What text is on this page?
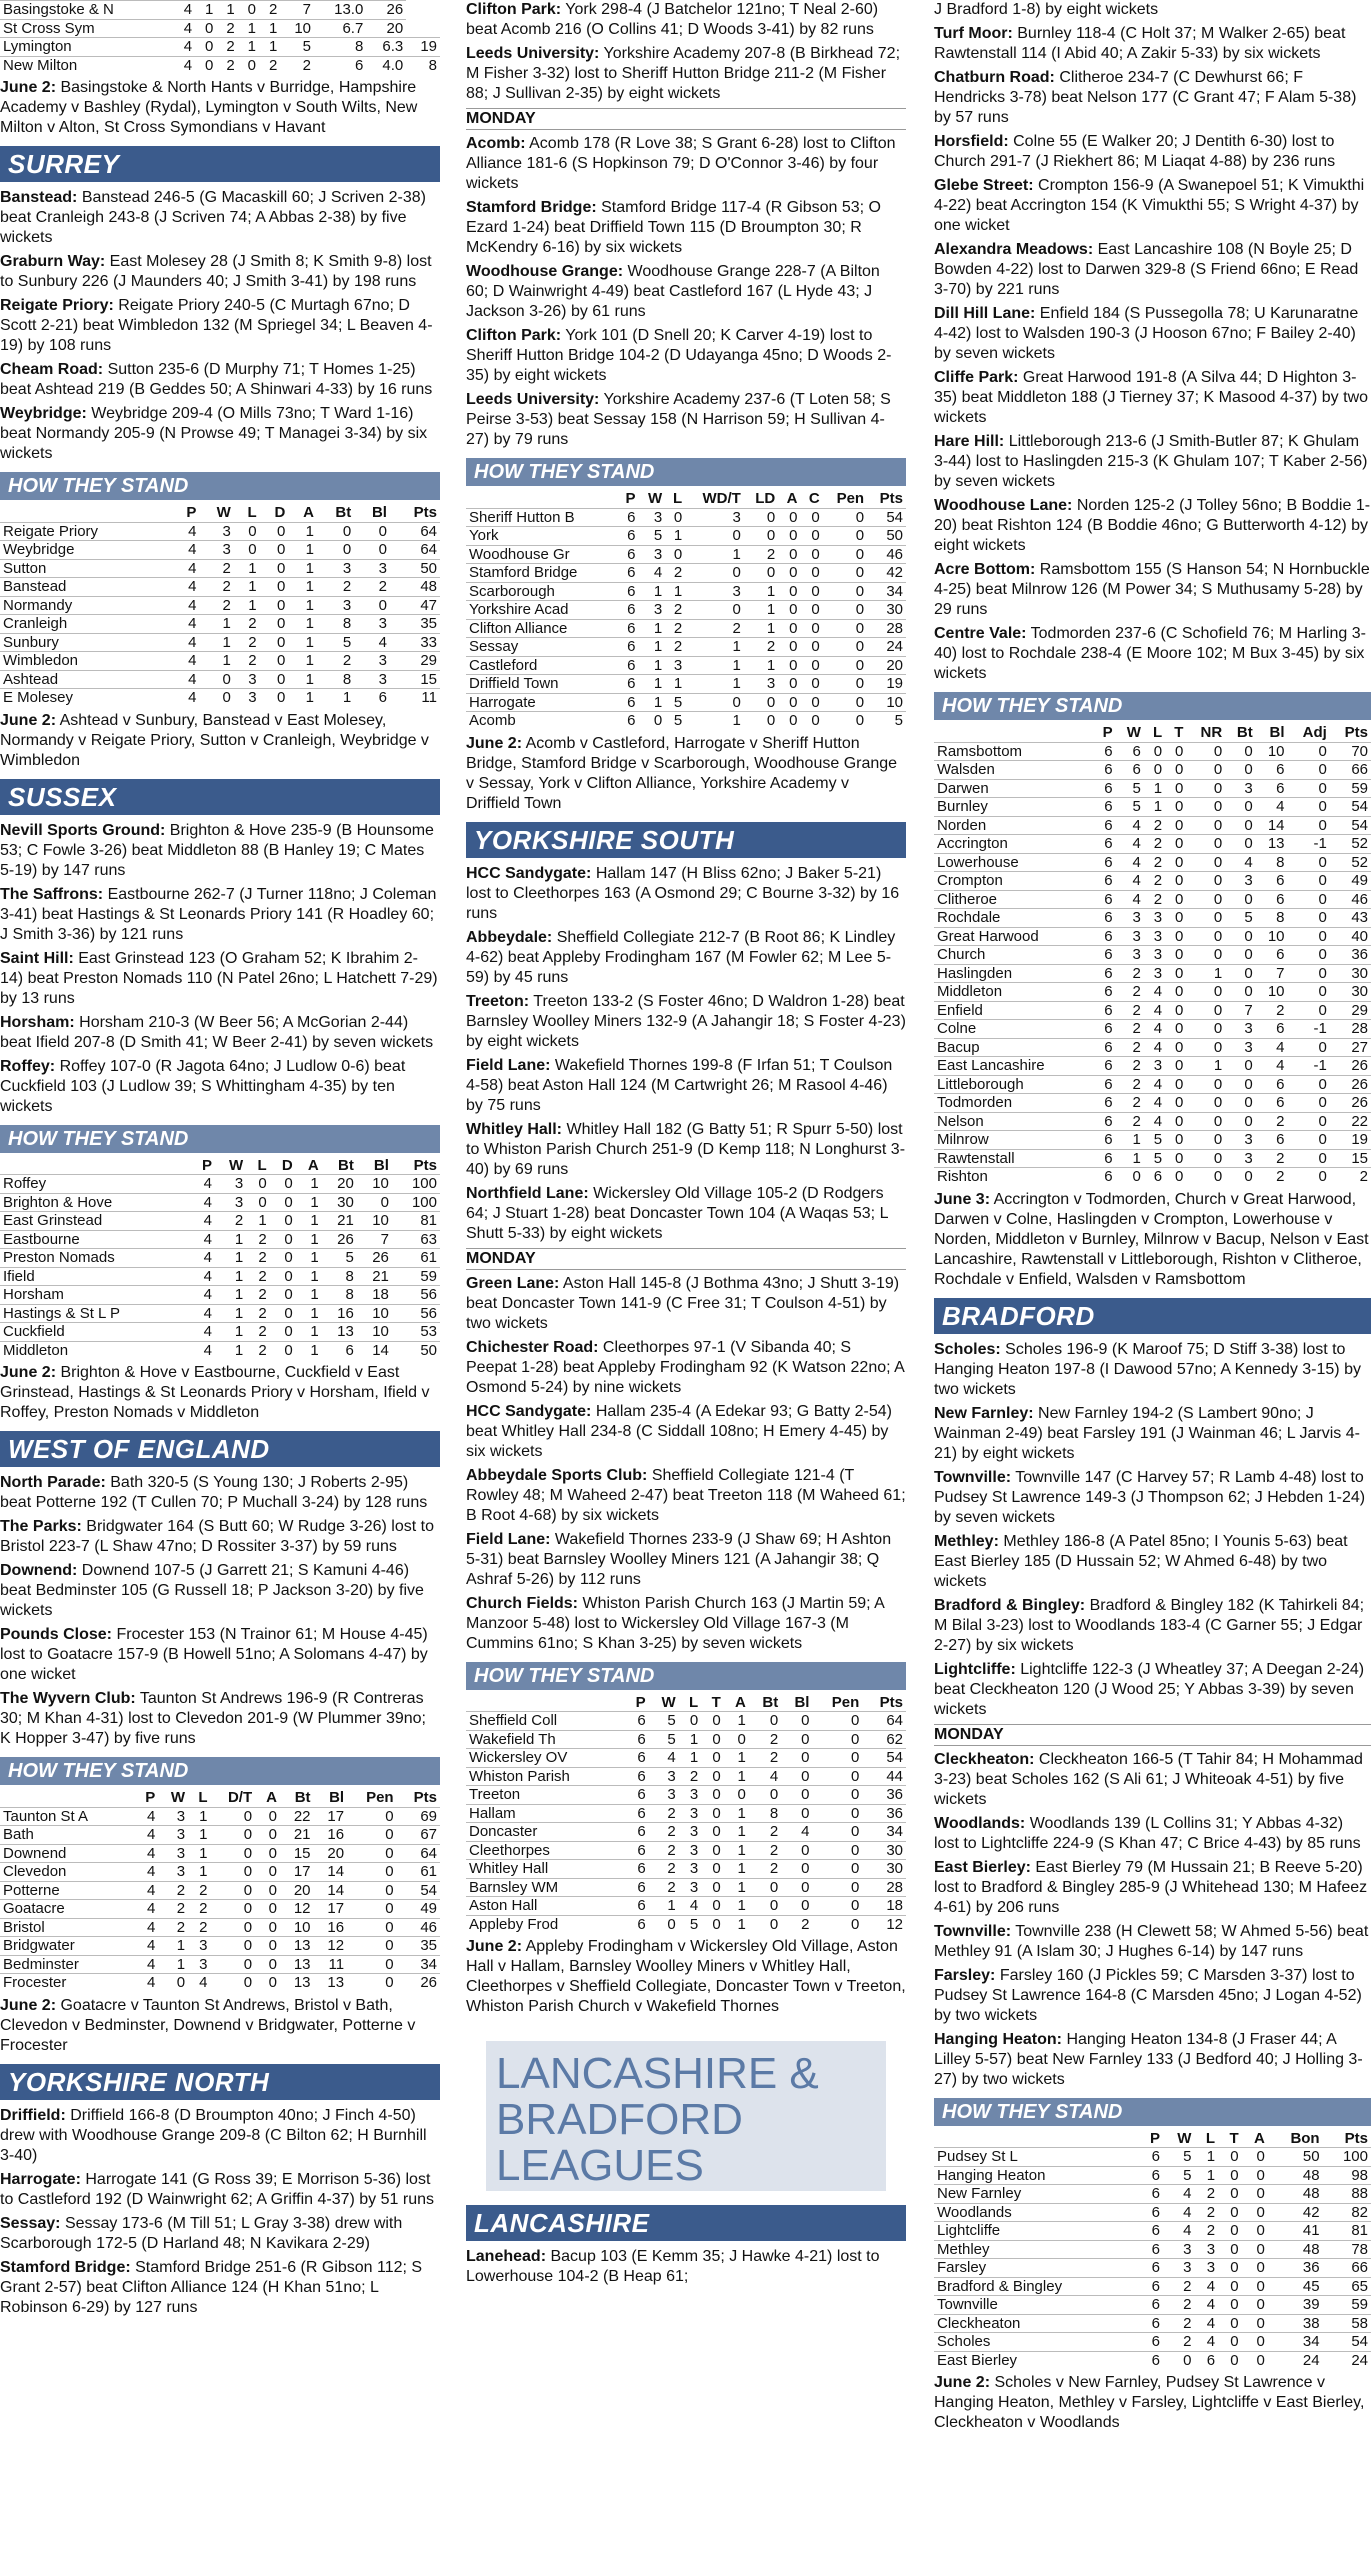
Basingstoke & N	4	1	1	0	2	7	13.0	26	
St Cross Sym	4	0	2	1	1	10	6.7	20	
Lymington	4	0	2	1	1	5	8	6.3	19
New Milton	4	0	2	0	2	2	6	4.0	8

June 2: Basingstoke & North Hants v Burridge, Hampshire Academy v Bashley (Rydal), Lymington v South Wilts, New Milton v Alton, St Cross Symondians v Havant

SURREY

Banstead: Banstead 246-5 (G Macaskill 60; J Scriven 2-38) beat Cranleigh 243-8 (J Scriven 74; A Abbas 2-38) by five wickets

Graburn Way: East Molesey 28 (J Smith 8; K Smith 9-8) lost to Sunbury 226 (J Maunders 40; J Smith 3-41) by 198 runs

Reigate Priory: Reigate Priory 240-5 (C Murtagh 67no; D Scott 2-21) beat Wimbledon 132 (M Spriegel 34; L Beaven 4-19) by 108 runs

Cheam Road: Sutton 235-6 (D Murphy 71; T Homes 1-25) beat Ashtead 219 (B Geddes 50; A Shinwari 4-33) by 16 runs

Weybridge: Weybridge 209-4 (O Mills 73no; T Ward 1-16) beat Normandy 205-9 (N Prowse 49; T Managei 3-34) by six wickets

HOW THEY STAND
	P	W	L	D	A	Bt	Bl	Pts
Reigate Priory	4	3	0	0	1	0	0	64
Weybridge	4	3	0	0	1	0	0	64
Sutton	4	2	1	0	1	3	3	50
Banstead	4	2	1	0	1	2	2	48
Normandy	4	2	1	0	1	3	0	47
Cranleigh	4	1	2	0	1	8	3	35
Sunbury	4	1	2	0	1	5	4	33
Wimbledon	4	1	2	0	1	2	3	29
Ashtead	4	0	3	0	1	8	3	15
E Molesey	4	0	3	0	1	1	6	11

June 2: Ashtead v Sunbury, Banstead v East Molesey, Normandy v Reigate Priory, Sutton v Cranleigh, Weybridge v Wimbledon

SUSSEX

Nevill Sports Ground: Brighton & Hove 235-9 (B Hounsome 53; C Fowle 3-26) beat Middleton 88 (B Hanley 19; C Mates 5-19) by 147 runs

The Saffrons: Eastbourne 262-7 (J Turner 118no; J Coleman 3-41) beat Hastings & St Leonards Priory 141 (R Hoadley 60; J Smith 3-36) by 121 runs

Saint Hill: East Grinstead 123 (O Graham 52; K Ibrahim 2-14) beat Preston Nomads 110 (N Patel 26no; L Hatchett 7-29) by 13 runs

Horsham: Horsham 210-3 (W Beer 56; A McGorian 2-44) beat Ifield 207-8 (D Smith 41; W Beer 2-41) by seven wickets

Roffey: Roffey 107-0 (R Jagota 64no; J Ludlow 0-6) beat Cuckfield 103 (J Ludlow 39; S Whittingham 4-35) by ten wickets

HOW THEY STAND
	P	W	L	D	A	Bt	Bl	Pts
Roffey	4	3	0	0	1	20	10	100
Brighton & Hove	4	3	0	0	1	30	0	100
East Grinstead	4	2	1	0	1	21	10	81
Eastbourne	4	1	2	0	1	26	7	63
Preston Nomads	4	1	2	0	1	5	26	61
Ifield	4	1	2	0	1	8	21	59
Horsham	4	1	2	0	1	8	18	56
Hastings & St L P	4	1	2	0	1	16	10	56
Cuckfield	4	1	2	0	1	13	10	53
Middleton	4	1	2	0	1	6	14	50

June 2: Brighton & Hove v Eastbourne, Cuckfield v East Grinstead, Hastings & St Leonards Priory v Horsham, Ifield v Roffey, Preston Nomads v Middleton

WEST OF ENGLAND

North Parade: Bath 320-5 (S Young 130; J Roberts 2-95) beat Potterne 192 (T Cullen 70; P Muchall 3-24) by 128 runs

The Parks: Bridgwater 164 (S Butt 60; W Rudge 3-26) lost to Bristol 223-7 (L Shaw 47no; D Rossiter 3-37) by 59 runs

Downend: Downend 107-5 (J Garrett 21; S Kamuni 4-46) beat Bedminster 105 (G Russell 18; P Jackson 3-20) by five wickets

Pounds Close: Frocester 153 (N Trainor 61; M House 4-45) lost to Goatacre 157-9 (B Howell 51no; A Solomans 4-47) by one wicket

The Wyvern Club: Taunton St Andrews 196-9 (R Contreras 30; M Khan 4-31) lost to Clevedon 201-9 (W Plummer 39no; K Hopper 3-47) by five runs

HOW THEY STAND
	P	W	L	D/T	A	Bt	Bl	Pen	Pts
Taunton St A	4	3	1	0	0	22	17	0	69
Bath	4	3	1	0	0	21	16	0	67
Downend	4	3	1	0	0	15	20	0	64
Clevedon	4	3	1	0	0	17	14	0	61
Potterne	4	2	2	0	0	20	14	0	54
Goatacre	4	2	2	0	0	12	17	0	49
Bristol	4	2	2	0	0	10	16	0	46
Bridgwater	4	1	3	0	0	13	12	0	35
Bedminster	4	1	3	0	0	13	11	0	34
Frocester	4	0	4	0	0	13	13	0	26

June 2: Goatacre v Taunton St Andrews, Bristol v Bath, Clevedon v Bedminster, Downend v Bridgwater, Potterne v Frocester

YORKSHIRE NORTH

Driffield: Driffield 166-8 (D Broumpton 40no; J Finch 4-50) drew with Woodhouse Grange 209-8 (C Bilton 62; H Burnhill 3-40)

Harrogate: Harrogate 141 (G Ross 39; E Morrison 5-36) lost to Castleford 192 (D Wainwright 62; A Griffin 4-37) by 51 runs

Sessay: Sessay 173-6 (M Till 51; L Gray 3-38) drew with Scarborough 172-5 (D Harland 48; N Kavikara 2-29)

Stamford Bridge: Stamford Bridge 251-6 (R Gibson 112; S Grant 2-57) beat Clifton Alliance 124 (H Khan 51no; L Robinson 6-29) by 127 runs

Clifton Park: York 298-4 (J Batchelor 121no; T Neal 2-60) beat Acomb 216 (O Collins 41; D Woods 3-41) by 82 runs

Leeds University: Yorkshire Academy 207-8 (B Birkhead 72; M Fisher 3-32) lost to Sheriff Hutton Bridge 211-2 (M Fisher 88; J Sullivan 2-35) by eight wickets

MONDAY

Acomb: Acomb 178 (R Love 38; S Grant 6-28) lost to Clifton Alliance 181-6 (S Hopkinson 79; D O'Connor 3-46) by four wickets

Stamford Bridge: Stamford Bridge 117-4 (R Gibson 53; O Ezard 1-24) beat Driffield Town 115 (D Broumpton 30; R McKendry 6-16) by six wickets

Woodhouse Grange: Woodhouse Grange 228-7 (A Bilton 60; D Wainwright 4-49) beat Castleford 167 (L Hyde 43; J Jackson 3-26) by 61 runs

Clifton Park: York 101 (D Snell 20; K Carver 4-19) lost to Sheriff Hutton Bridge 104-2 (D Udayanga 45no; D Woods 2-35) by eight wickets

Leeds University: Yorkshire Academy 237-6 (T Loten 58; S Peirse 3-53) beat Sessay 158 (N Harrison 59; H Sullivan 4-27) by 79 runs

HOW THEY STAND
	P	W	L	WD/T	LD	A	C	Pen	Pts
Sheriff Hutton B	6	3	0	3	0	0	0	0	54
York	6	5	1	0	0	0	0	0	50
Woodhouse Gr	6	3	0	1	2	0	0	0	46
Stamford Bridge	6	4	2	0	0	0	0	0	42
Scarborough	6	1	1	3	1	0	0	0	34
Yorkshire Acad	6	3	2	0	1	0	0	0	30
Clifton Alliance	6	1	2	2	1	0	0	0	28
Sessay	6	1	2	1	2	0	0	0	24
Castleford	6	1	3	1	1	0	0	0	20
Driffield Town	6	1	1	1	3	0	0	0	19
Harrogate	6	1	5	0	0	0	0	0	10
Acomb	6	0	5	1	0	0	0	0	5

June 2: Acomb v Castleford, Harrogate v Sheriff Hutton Bridge, Stamford Bridge v Scarborough, Woodhouse Grange v Sessay, York v Clifton Alliance, Yorkshire Academy v Driffield Town

YORKSHIRE SOUTH

HCC Sandygate: Hallam 147 (H Bliss 62no; J Baker 5-21) lost to Cleethorpes 163 (A Osmond 29; C Bourne 3-32) by 16 runs

Abbeydale: Sheffield Collegiate 212-7 (B Root 86; K Lindley 4-62) beat Appleby Frodingham 167 (M Fowler 62; M Lee 5-59) by 45 runs

Treeton: Treeton 133-2 (S Foster 46no; D Waldron 1-28) beat Barnsley Woolley Miners 132-9 (A Jahangir 18; S Foster 4-23) by eight wickets

Field Lane: Wakefield Thornes 199-8 (F Irfan 51; T Coulson 4-58) beat Aston Hall 124 (M Cartwright 26; M Rasool 4-46) by 75 runs

Whitley Hall: Whitley Hall 182 (G Batty 51; R Spurr 5-50) lost to Whiston Parish Church 251-9 (D Kemp 118; N Longhurst 3-40) by 69 runs

Northfield Lane: Wickersley Old Village 105-2 (D Rodgers 64; J Stuart 1-28) beat Doncaster Town 104 (A Waqas 53; L Shutt 5-33) by eight wickets

MONDAY

Green Lane: Aston Hall 145-8 (J Bothma 43no; J Shutt 3-19) beat Doncaster Town 141-9 (C Free 31; T Coulson 4-51) by two wickets

Chichester Road: Cleethorpes 97-1 (V Sibanda 40; S Peepat 1-28) beat Appleby Frodingham 92 (K Watson 22no; A Osmond 5-24) by nine wickets

HCC Sandygate: Hallam 235-4 (A Edekar 93; G Batty 2-54) beat Whitley Hall 234-8 (C Siddall 108no; H Emery 4-45) by six wickets

Abbeydale Sports Club: Sheffield Collegiate 121-4 (T Rowley 48; M Waheed 2-47) beat Treeton 118 (M Waheed 61; B Root 4-68) by six wickets

Field Lane: Wakefield Thornes 233-9 (J Shaw 69; H Ashton 5-31) beat Barnsley Woolley Miners 121 (A Jahangir 38; Q Ashraf 5-26) by 112 runs

Church Fields: Whiston Parish Church 163 (J Martin 59; A Manzoor 5-48) lost to Wickersley Old Village 167-3 (M Cummins 61no; S Khan 3-25) by seven wickets

HOW THEY STAND
	P	W	L	T	A	Bt	Bl	Pen	Pts
Sheffield Coll	6	5	0	0	1	0	0	0	64
Wakefield Th	6	5	1	0	0	2	0	0	62
Wickersley OV	6	4	1	0	1	2	0	0	54
Whiston Parish	6	3	2	0	1	4	0	0	44
Treeton	6	3	3	0	0	0	0	0	36
Hallam	6	2	3	0	1	8	0	0	36
Doncaster	6	2	3	0	1	2	4	0	34
Cleethorpes	6	2	3	0	1	2	0	0	30
Whitley Hall	6	2	3	0	1	2	0	0	30
Barnsley WM	6	2	3	0	1	0	0	0	28
Aston Hall	6	1	4	0	1	0	0	0	18
Appleby Frod	6	0	5	0	1	0	2	0	12

June 2: Appleby Frodingham v Wickersley Old Village, Aston Hall v Hallam, Barnsley Woolley Miners v Whitley Hall, Cleethorpes v Sheffield Collegiate, Doncaster Town v Treeton, Whiston Parish Church v Wakefield Thornes

LANCASHIRE & BRADFORD LEAGUES
LANCASHIRE

Lanehead: Bacup 103 (E Kemm 35; J Hawke 4-21) lost to Lowerhouse 104-2 (B Heap 61;

J Bradford 1-8) by eight wickets

Turf Moor: Burnley 118-4 (C Holt 37; M Walker 2-65) beat Rawtenstall 114 (I Abid 40; A Zakir 5-33) by six wickets

Chatburn Road: Clitheroe 234-7 (C Dewhurst 66; F Hendricks 3-78) beat Nelson 177 (C Grant 47; F Alam 5-38) by 57 runs

Horsfield: Colne 55 (E Walker 20; J Dentith 6-30) lost to Church 291-7 (J Riekhert 86; M Liaqat 4-88) by 236 runs

Glebe Street: Crompton 156-9 (A Swanepoel 51; K Vimukthi 4-22) beat Accrington 154 (K Vimukthi 55; S Wright 4-37) by one wicket

Alexandra Meadows: East Lancashire 108 (N Boyle 25; D Bowden 4-22) lost to Darwen 329-8 (S Friend 66no; E Read 3-70) by 221 runs

Dill Hill Lane: Enfield 184 (S Pussegolla 78; U Karunaratne 4-42) lost to Walsden 190-3 (J Hooson 67no; F Bailey 2-40) by seven wickets

Cliffe Park: Great Harwood 191-8 (A Silva 44; D Highton 3-35) beat Middleton 188 (J Tierney 37; K Masood 4-37) by two wickets

Hare Hill: Littleborough 213-6 (J Smith-Butler 87; K Ghulam 3-44) lost to Haslingden 215-3 (K Ghulam 107; T Kaber 2-56) by seven wickets

Woodhouse Lane: Norden 125-2 (J Tolley 56no; B Boddie 1-20) beat Rishton 124 (B Boddie 46no; G Butterworth 4-12) by eight wickets

Acre Bottom: Ramsbottom 155 (S Hanson 54; N Hornbuckle 4-25) beat Milnrow 126 (M Power 34; S Muthusamy 5-28) by 29 runs

Centre Vale: Todmorden 237-6 (C Schofield 76; M Harling 3-40) lost to Rochdale 238-4 (E Moore 102; M Bux 3-45) by six wickets

HOW THEY STAND
	P	W	L	T	NR	Bt	Bl	Adj	Pts
Ramsbottom	6	6	0	0	0	0	10	0	70
Walsden	6	6	0	0	0	0	6	0	66
Darwen	6	5	1	0	0	3	6	0	59
Burnley	6	5	1	0	0	0	4	0	54
Norden	6	4	2	0	0	0	14	0	54
Accrington	6	4	2	0	0	0	13	-1	52
Lowerhouse	6	4	2	0	0	4	8	0	52
Crompton	6	4	2	0	0	3	6	0	49
Clitheroe	6	4	2	0	0	0	6	0	46
Rochdale	6	3	3	0	0	5	8	0	43
Great Harwood	6	3	3	0	0	0	10	0	40
Church	6	3	3	0	0	0	6	0	36
Haslingden	6	2	3	0	1	0	7	0	30
Middleton	6	2	4	0	0	0	10	0	30
Enfield	6	2	4	0	0	7	2	0	29
Colne	6	2	4	0	0	3	6	-1	28
Bacup	6	2	4	0	0	3	4	0	27
East Lancashire	6	2	3	0	1	0	4	-1	26
Littleborough	6	2	4	0	0	0	6	0	26
Todmorden	6	2	4	0	0	0	6	0	26
Nelson	6	2	4	0	0	0	2	0	22
Milnrow	6	1	5	0	0	3	6	0	19
Rawtenstall	6	1	5	0	0	3	2	0	15
Rishton	6	0	6	0	0	0	2	0	2

June 3: Accrington v Todmorden, Church v Great Harwood, Darwen v Colne, Haslingden v Crompton, Lowerhouse v Norden, Middleton v Burnley, Milnrow v Bacup, Nelson v East Lancashire, Rawtenstall v Littleborough, Rishton v Clitheroe, Rochdale v Enfield, Walsden v Ramsbottom

BRADFORD

Scholes: Scholes 196-9 (K Maroof 75; D Stiff 3-38) lost to Hanging Heaton 197-8 (I Dawood 57no; A Kennedy 3-15) by two wickets

New Farnley: New Farnley 194-2 (S Lambert 90no; J Wainman 2-49) beat Farsley 191 (J Wainman 46; L Jarvis 4-21) by eight wickets

Townville: Townville 147 (C Harvey 57; R Lamb 4-48) lost to Pudsey St Lawrence 149-3 (J Thompson 62; J Hebden 1-24) by seven wickets

Methley: Methley 186-8 (A Patel 85no; I Younis 5-63) beat East Bierley 185 (D Hussain 52; W Ahmed 6-48) by two wickets

Bradford & Bingley: Bradford & Bingley 182 (K Tahirkeli 84; M Bilal 3-23) lost to Woodlands 183-4 (C Garner 55; J Edgar 2-27) by six wickets

Lightcliffe: Lightcliffe 122-3 (J Wheatley 37; A Deegan 2-24) beat Cleckheaton 120 (J Wood 25; Y Abbas 3-39) by seven wickets

MONDAY

Cleckheaton: Cleckheaton 166-5 (T Tahir 84; H Mohammad 3-23) beat Scholes 162 (S Ali 61; J Whiteoak 4-51) by five wickets

Woodlands: Woodlands 139 (L Collins 31; Y Abbas 4-32) lost to Lightcliffe 224-9 (S Khan 47; C Brice 4-43) by 85 runs

East Bierley: East Bierley 79 (M Hussain 21; B Reeve 5-20) lost to Bradford & Bingley 285-9 (J Whitehead 130; M Hafeez 4-61) by 206 runs

Townville: Townville 238 (H Clewett 58; W Ahmed 5-56) beat Methley 91 (A Islam 30; J Hughes 6-14) by 147 runs

Farsley: Farsley 160 (J Pickles 59; C Marsden 3-37) lost to Pudsey St Lawrence 164-8 (C Marsden 45no; J Logan 4-52) by two wickets

Hanging Heaton: Hanging Heaton 134-8 (J Fraser 44; A Lilley 5-57) beat New Farnley 133 (J Bedford 40; J Holling 3-27) by two wickets

HOW THEY STAND
	P	W	L	T	A	Bon	Pts
Pudsey St L	6	5	1	0	0	50	100
Hanging Heaton	6	5	1	0	0	48	98
New Farnley	6	4	2	0	0	48	88
Woodlands	6	4	2	0	0	42	82
Lightcliffe	6	4	2	0	0	41	81
Methley	6	3	3	0	0	48	78
Farsley	6	3	3	0	0	36	66
Bradford & Bingley	6	2	4	0	0	45	65
Townville	6	2	4	0	0	39	59
Cleckheaton	6	2	4	0	0	38	58
Scholes	6	2	4	0	0	34	54
East Bierley	6	0	6	0	0	24	24

June 2: Scholes v New Farnley, Pudsey St Lawrence v Hanging Heaton, Methley v Farsley, Lightcliffe v East Bierley, Cleckheaton v Woodlands
